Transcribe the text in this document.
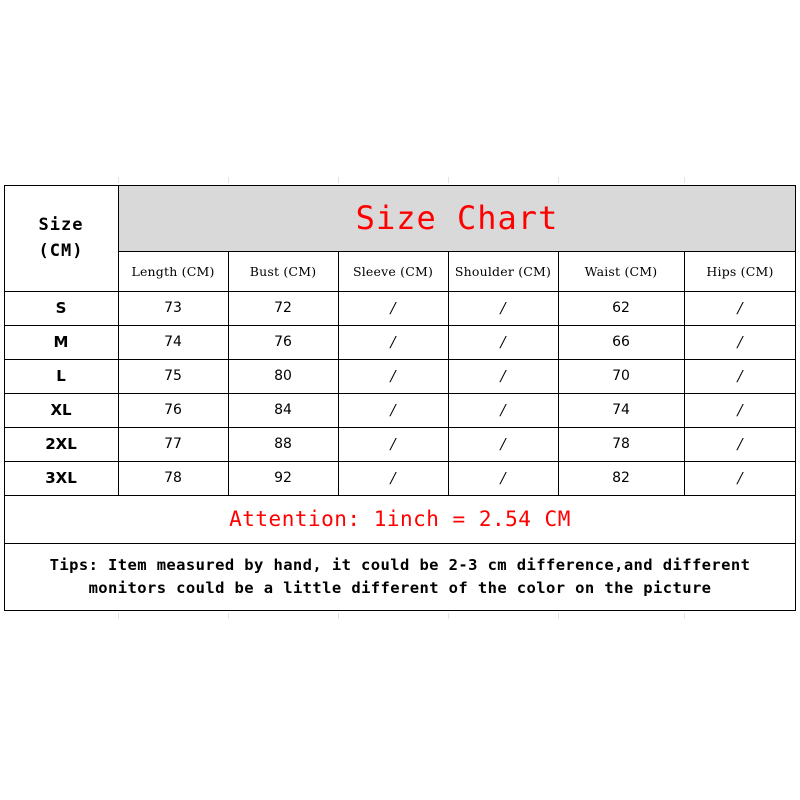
Size
(CM)
Size Chart
Length (CM)	Bust (CM)	Sleeve (CM)	Shoulder (CM)	Waist (CM)	Hips (CM)
S	73	72	/	/	62	/
M	74	76	/	/	66	/
L	75	80	/	/	70	/
XL	76	84	/	/	74	/
2XL	77	88	/	/	78	/
3XL	78	92	/	/	82	/
Attention: 1inch = 2.54 CM
Tips: Item measured by hand, it could be 2-3 cm difference,and different
monitors could be a little different of the color on the picture
